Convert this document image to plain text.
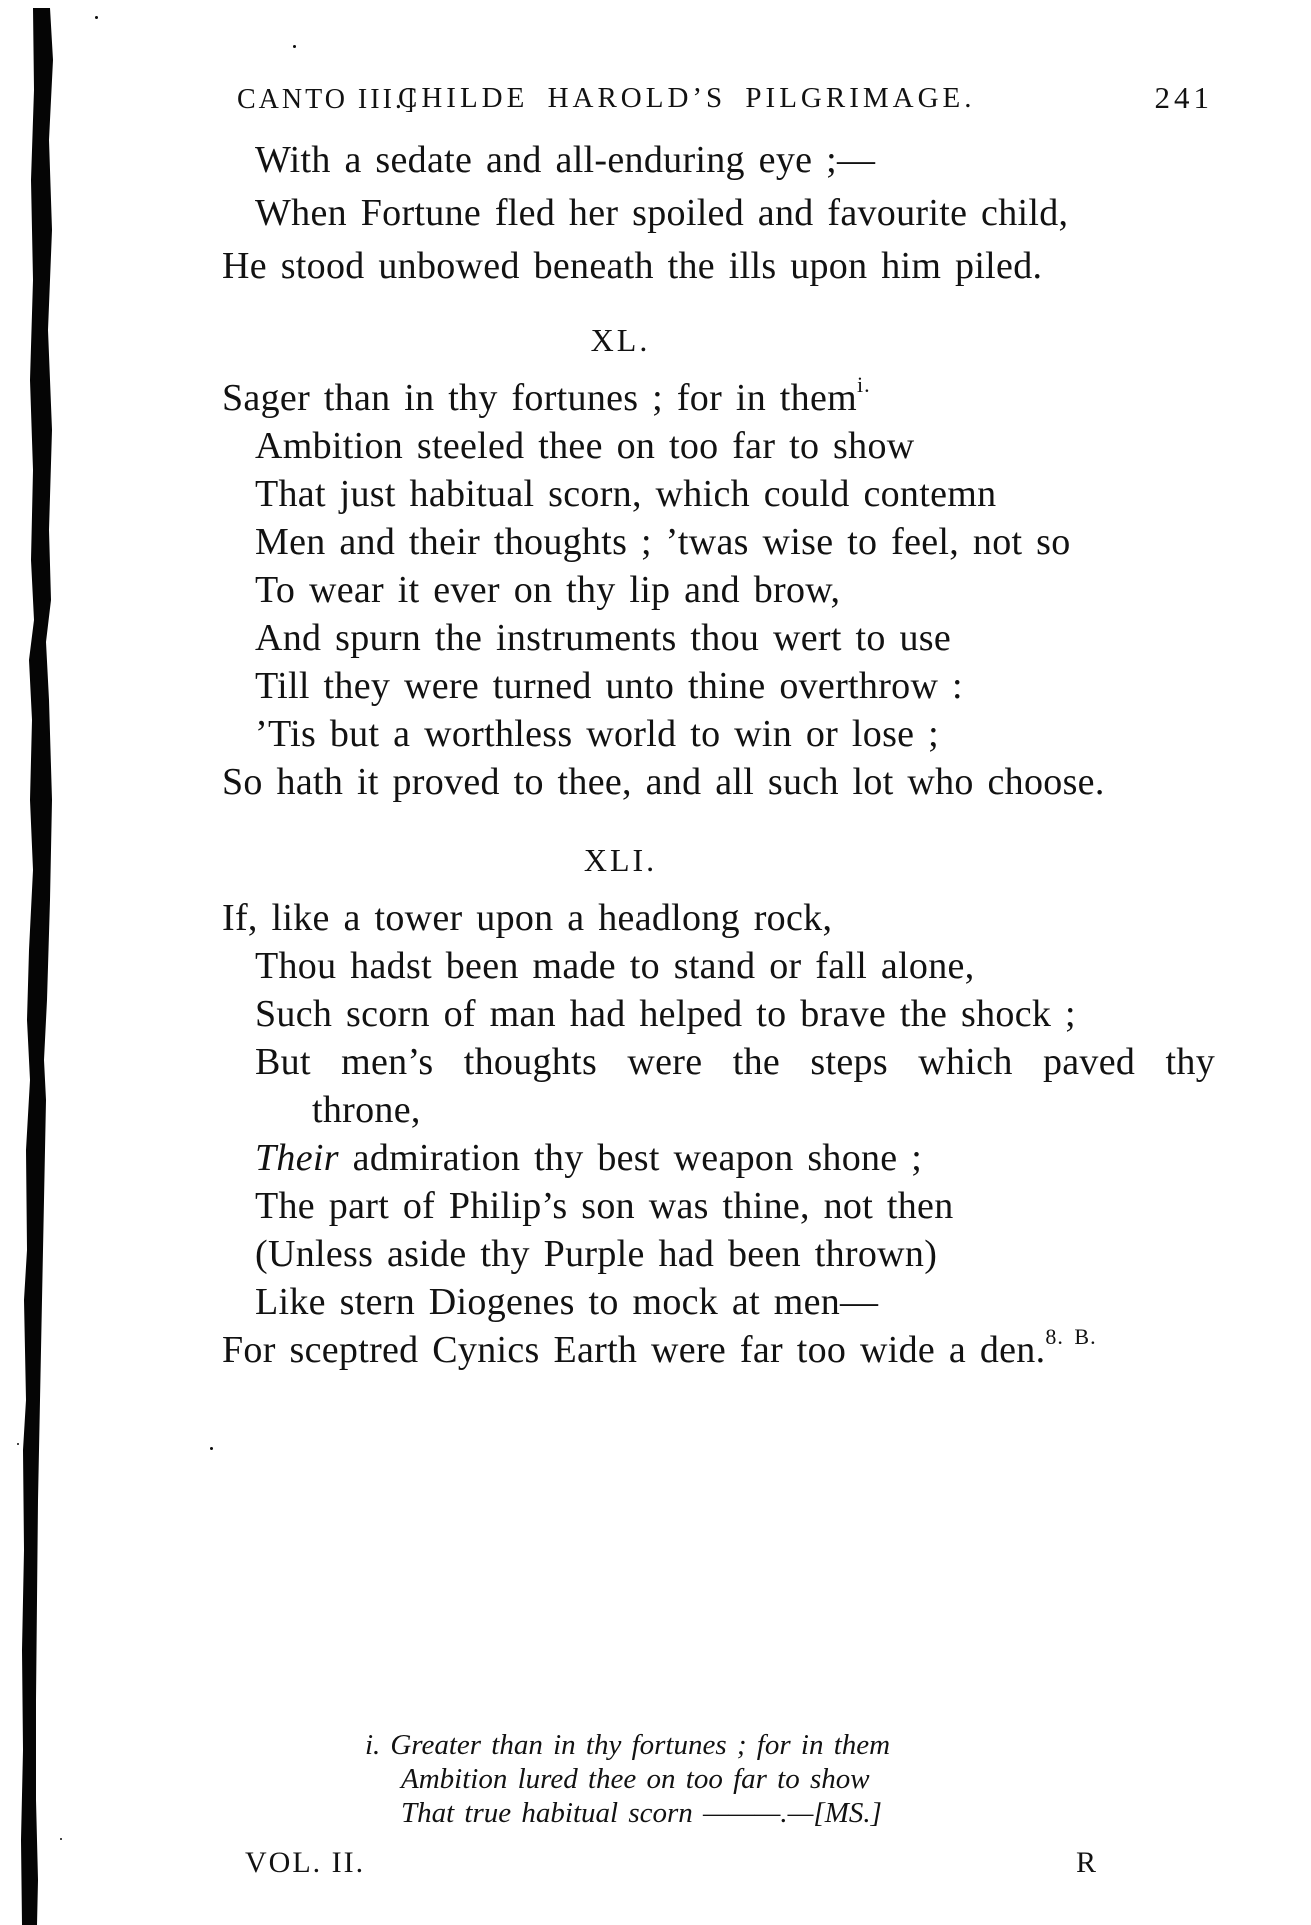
CANTO III.]
CHILDE HAROLD’S PILGRIMAGE.	241
With a sedate and all-enduring eye ;—
When Fortune fled her spoiled and favourite child,
He stood unbowed beneath the ills upon him piled.
XL.
Sager than in thy fortunes ; for in them$^{i.}$
Ambition steeled thee on too far to show
That just habitual scorn, which could contemn
Men and their thoughts ; ’twas wise to feel, not so
To wear it ever on thy lip and brow,
And spurn the instruments thou wert to use
Till they were turned unto thine overthrow :
’Tis but a worthless world to win or lose ;
So hath it proved to thee, and all such lot who choose.
XLI.
If, like a tower upon a headlong rock,
Thou hadst been made to stand or fall alone,
Such scorn of man had helped to brave the shock ;
But men’s thoughts were the steps which paved thy
throne,
Their admiration thy best weapon shone ;
The part of Philip’s son was thine, not then
(Unless aside thy Purple had been thrown)
Like stern Diogenes to mock at men—
For sceptred Cynics Earth were far too wide a den.$^{8. B.}$
i. Greater than in thy fortunes ; for in them
Ambition lured thee on too far to show
That true habitual scorn ———.—[MS.]
VOL. II.	R
